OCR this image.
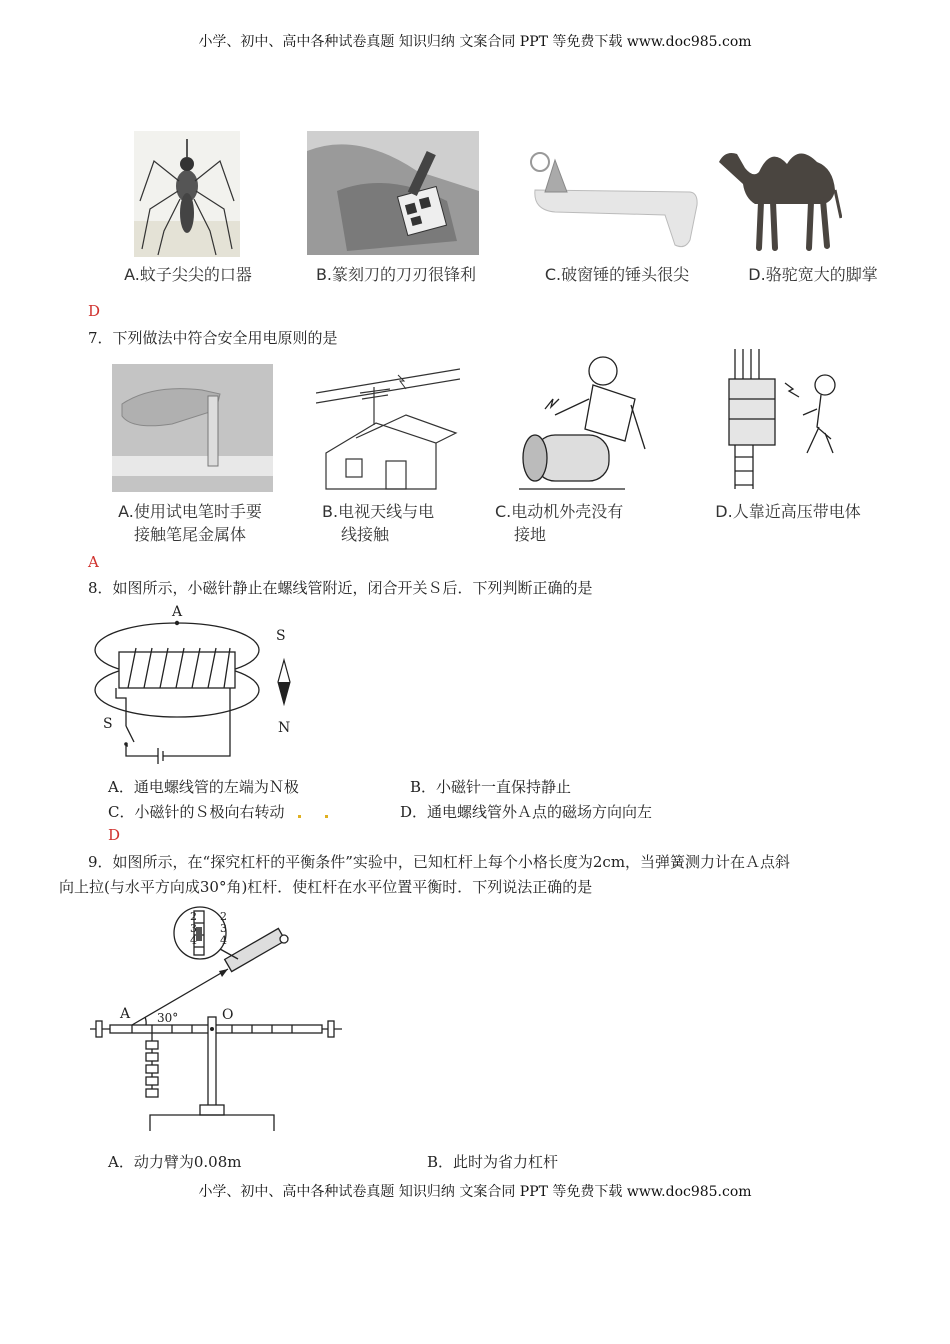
小学、初中、高中各种试卷真题 知识归纳 文案合同 PPT 等免费下载 www.doc985.com
A.蚊子尖尖的口器	B.篆刻刀的刀刃很锋利	C.破窗锤的锤头很尖	D.骆驼宽大的脚掌
D
7．下列做法中符合安全用电原则的是
A.使用试电笔时手要
接触笔尾金属体
B.电视天线与电
线接触
C.电动机外壳没有
接地
D.人靠近高压带电体
A
8．如图所示，小磁针静止在螺线管附近，闭合开关Ｓ后．下列判断正确的是
A
S
N
S
A．通电螺线管的左端为Ｎ极	B．小磁针一直保持静止
C．小磁针的Ｓ极向右转动	D．通电螺线管外Ａ点的磁场方向向左
D
9．如图所示，在“探究杠杆的平衡条件”实验中，已知杠杆上每个小格长度为2cm，当弹簧测力计在Ａ点斜
向上拉(与水平方向成30°角)杠杆．使杠杆在水平位置平衡时．下列说法正确的是
2
3
4
2
3
4
A 30°	O
A．动力臂为0.08m	B．此时为省力杠杆
小学、初中、高中各种试卷真题 知识归纳 文案合同 PPT 等免费下载 www.doc985.com
